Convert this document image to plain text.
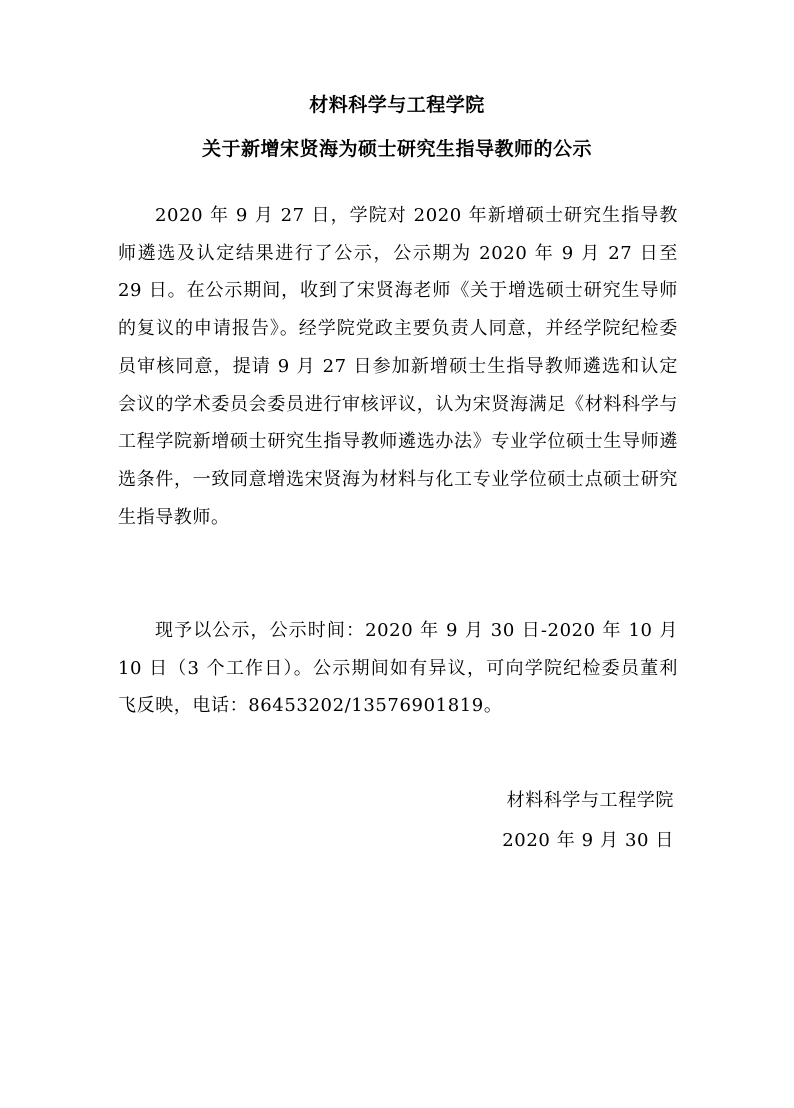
材料科学与工程学院
关于新增宋贤海为硕士研究生指导教师的公示
2020 年 9 月 27 日，学院对 2020 年新增硕士研究生指导教师遴选及认定结果进行了公示，公示期为 2020 年 9 月 27 日至 29 日。在公示期间，收到了宋贤海老师《关于增选硕士研究生导师的复议的申请报告》。经学院党政主要负责人同意，并经学院纪检委员审核同意，提请 9 月 27 日参加新增硕士生指导教师遴选和认定会议的学术委员会委员进行审核评议，认为宋贤海满足《材料科学与工程学院新增硕士研究生指导教师遴选办法》专业学位硕士生导师遴选条件，一致同意增选宋贤海为材料与化工专业学位硕士点硕士研究生指导教师。
现予以公示，公示时间：2020 年 9 月 30 日-2020 年 10 月 10 日（3 个工作日）。公示期间如有异议，可向学院纪检委员董利飞反映，电话：86453202/13576901819。
材料科学与工程学院
2020 年 9 月 30 日
